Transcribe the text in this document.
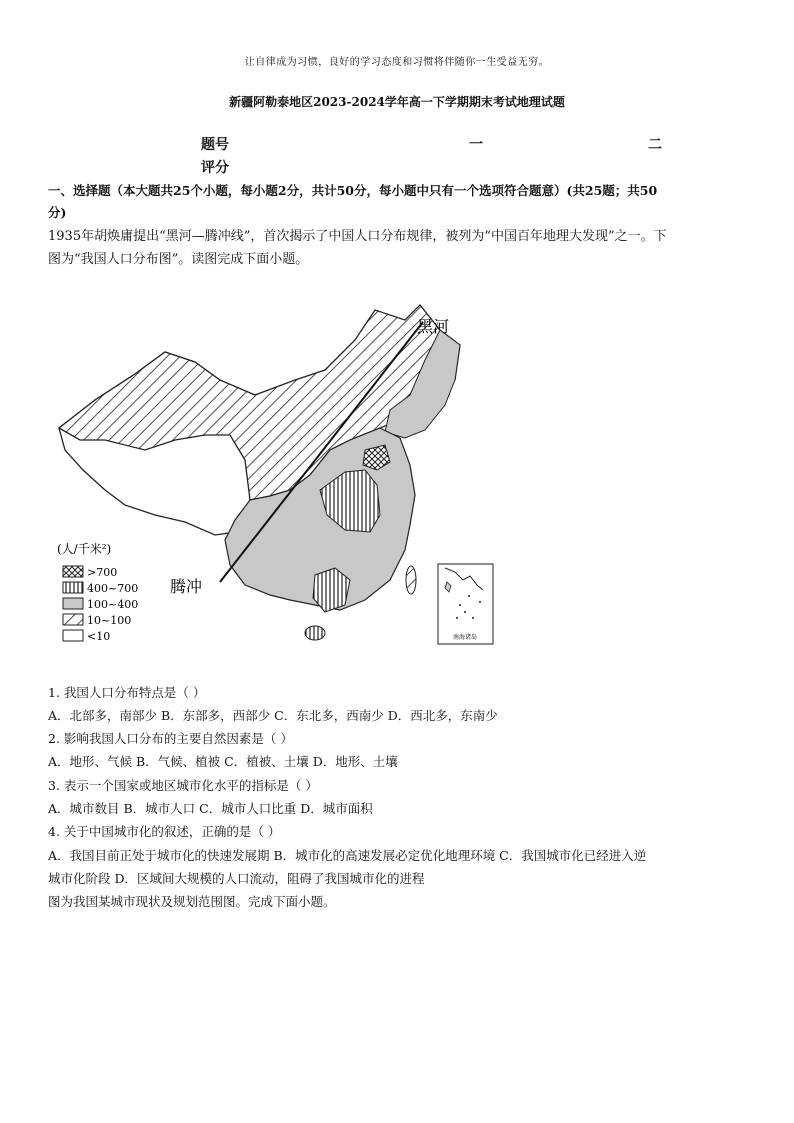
让自律成为习惯，良好的学习态度和习惯将伴随你一生受益无穷。
新疆阿勒泰地区2023-2024学年高一下学期期末考试地理试题
题号	一	二
评分
一、选择题（本大题共25个小题，每小题2分，共计50分，每小题中只有一个选项符合题意）(共25题；共50
分)
1935年胡焕庸提出“黑河—腾冲线”，首次揭示了中国人口分布规律，被列为“中国百年地理大发现”之一。下
图为“我国人口分布图”。读图完成下面小题。
黑河
腾冲
(人/千米²)
>700
400~700
100~400
10~100
<10	南海诸岛
1. 我国人口分布特点是（ ）
A．北部多，南部少 B．东部多，西部少 C．东北多，西南少 D．西北多，东南少
2. 影响我国人口分布的主要自然因素是（ ）
A．地形、气候 B．气候、植被 C．植被、土壤 D．地形、土壤
3. 表示一个国家或地区城市化水平的指标是（ ）
A．城市数目 B．城市人口 C．城市人口比重 D．城市面积
4. 关于中国城市化的叙述，正确的是（ ）
A．我国目前正处于城市化的快速发展期 B．城市化的高速发展必定优化地理环境 C．我国城市化已经进入逆
城市化阶段 D．区域间大规模的人口流动，阻碍了我国城市化的进程
图为我国某城市现状及规划范围图。完成下面小题。
